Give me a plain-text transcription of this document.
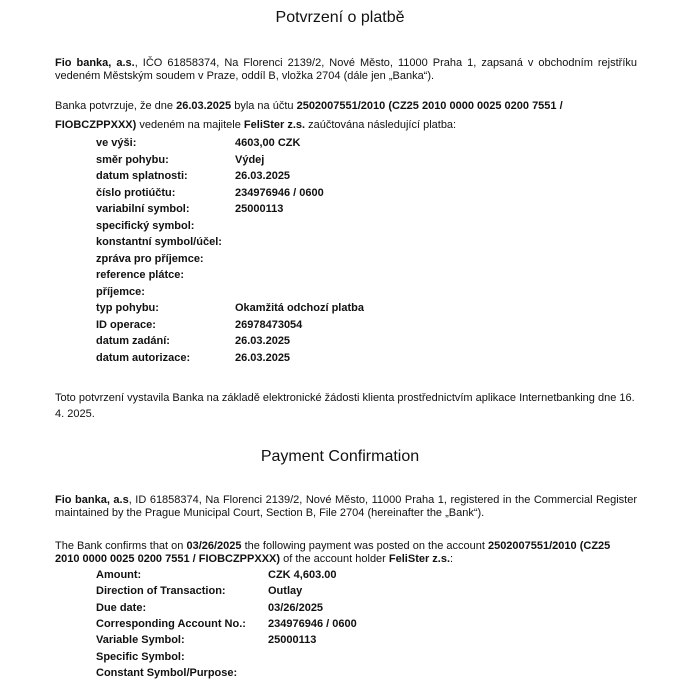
Potvrzení o platbě
Fio banka, a.s., IČO 61858374, Na Florenci 2139/2, Nové Město, 11000 Praha 1, zapsaná v obchodním rejstříku vedeném Městským soudem v Praze, oddíl B, vložka 2704 (dále jen „Banka“).
Banka potvrzuje, že dne 26.03.2025 byla na účtu 2502007551/2010 (CZ25 2010 0000 0025 0200 7551 / FIOBCZPPXXX) vedeném na majitele FeliSter z.s. zaúčtována následující platba:
ve výši:	4603,00 CZK
směr pohybu:	Výdej
datum splatnosti:	26.03.2025
číslo protiúčtu:	234976946 / 0600
variabilní symbol:	25000113
specifický symbol:
konstantní symbol/účel:
zpráva pro příjemce:
reference plátce:
příjemce:
typ pohybu:	Okamžitá odchozí platba
ID operace:	26978473054
datum zadání:	26.03.2025
datum autorizace:	26.03.2025
Toto potvrzení vystavila Banka na základě elektronické žádosti klienta prostřednictvím aplikace Internetbanking dne 16. 4. 2025.
Payment Confirmation
Fio banka, a.s, ID 61858374, Na Florenci 2139/2, Nové Město, 11000 Praha 1, registered in the Commercial Register maintained by the Prague Municipal Court, Section B, File 2704 (hereinafter the „Bank“).
The Bank confirms that on 03/26/2025 the following payment was posted on the account 2502007551/2010 (CZ25 2010 0000 0025 0200 7551 / FIOBCZPPXXX) of the account holder FeliSter z.s.:
Amount:	CZK 4,603.00
Direction of Transaction:	Outlay
Due date:	03/26/2025
Corresponding Account No.: 234976946 / 0600
Variable Symbol:	25000113
Specific Symbol:
Constant Symbol/Purpose:
